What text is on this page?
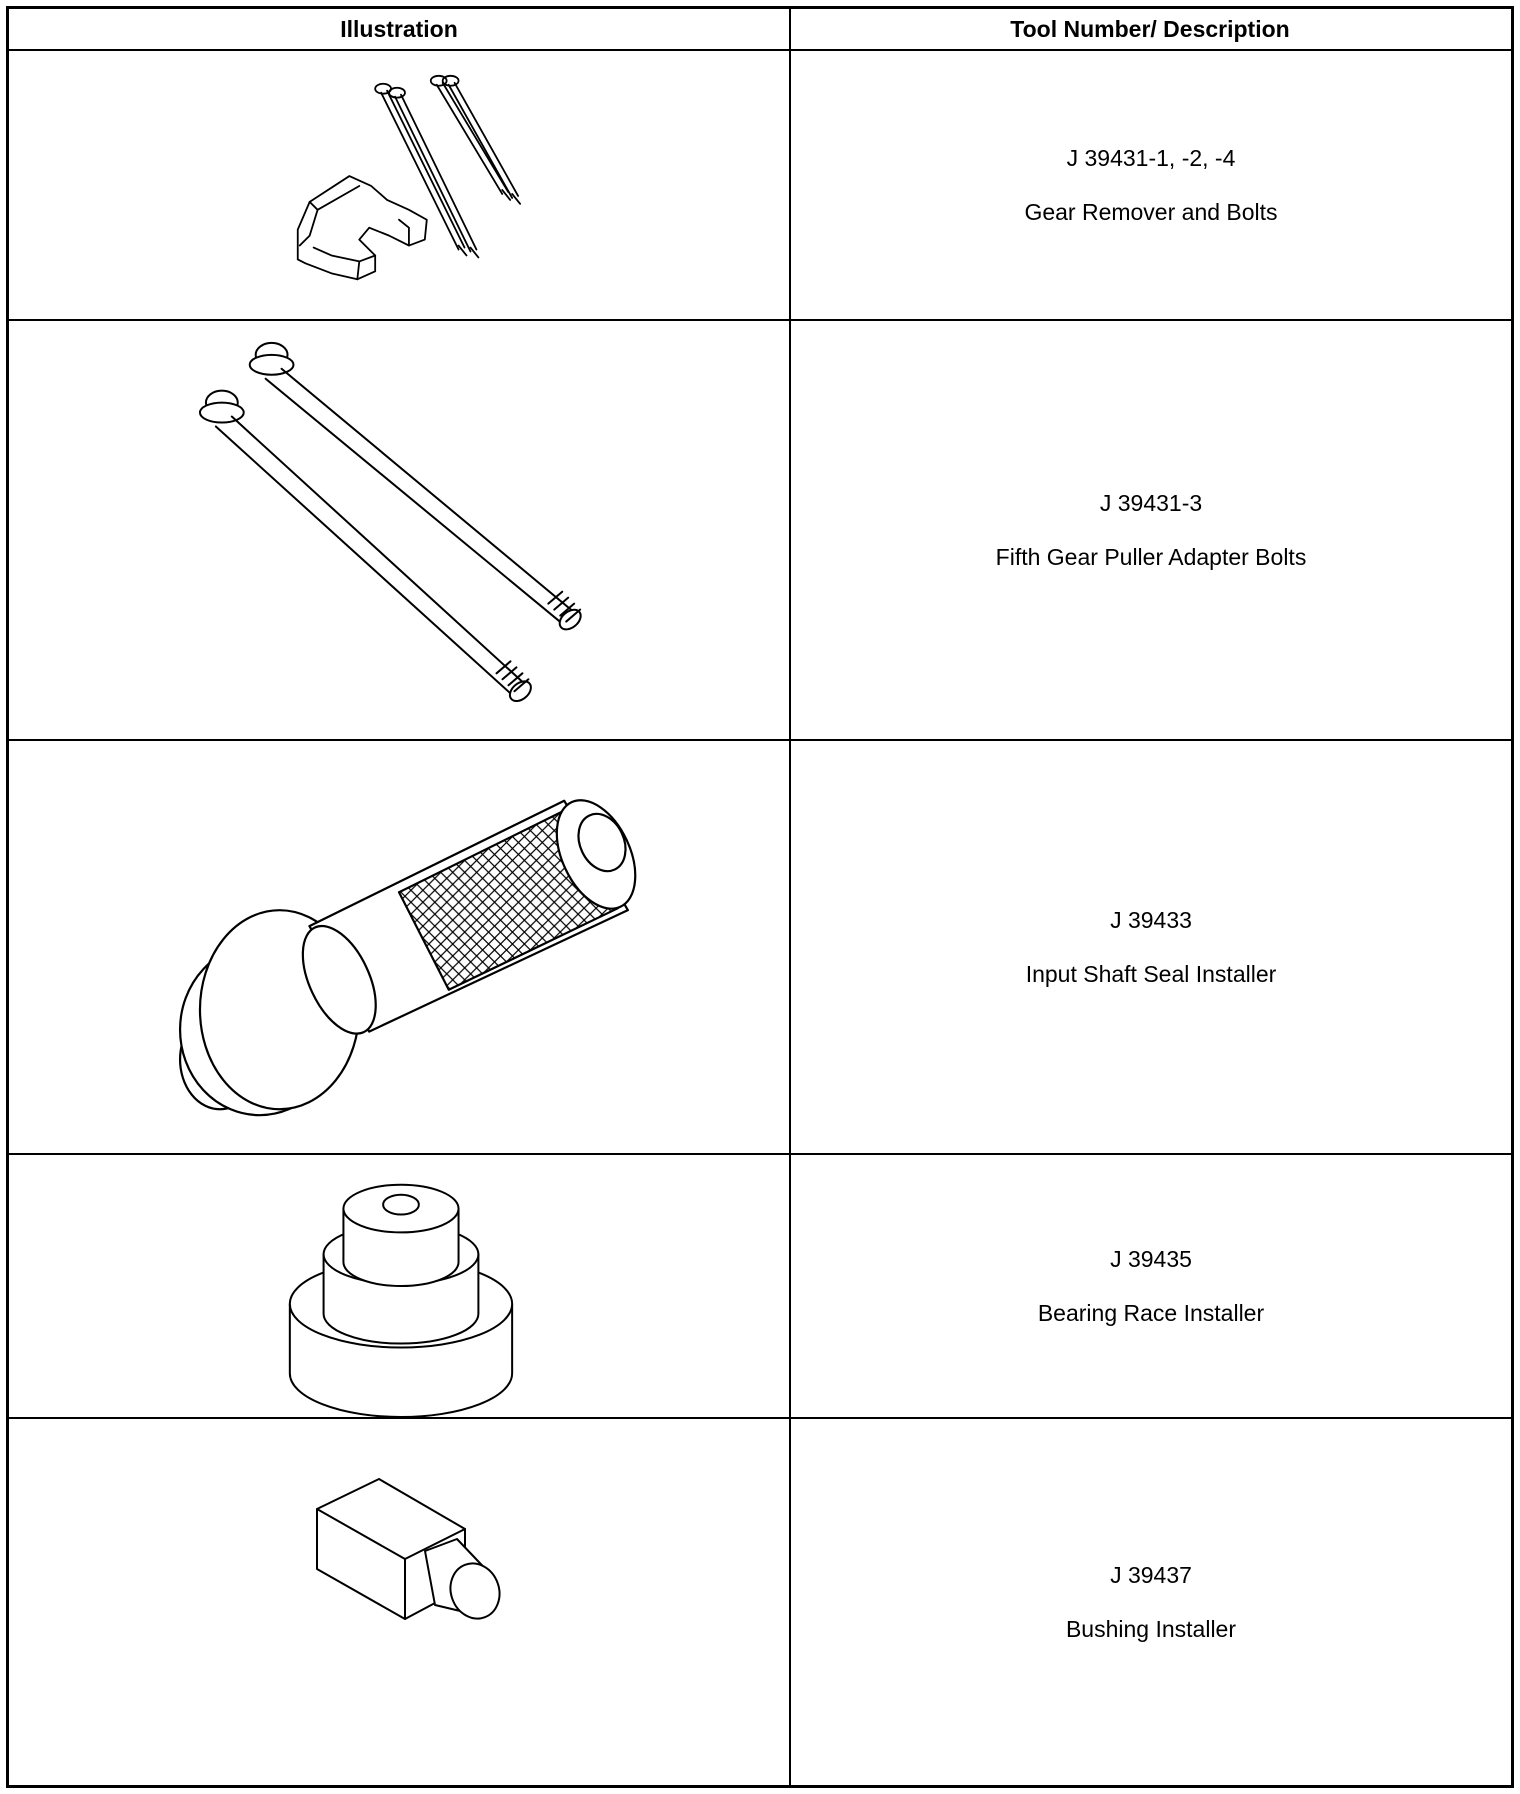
Illustration	Tool Number/ Description
J 39431-1, -2, -4
Gear Remover and Bolts
J 39431-3
Fifth Gear Puller Adapter Bolts
J 39433
Input Shaft Seal Installer
J 39435
Bearing Race Installer
J 39437
Bushing Installer
